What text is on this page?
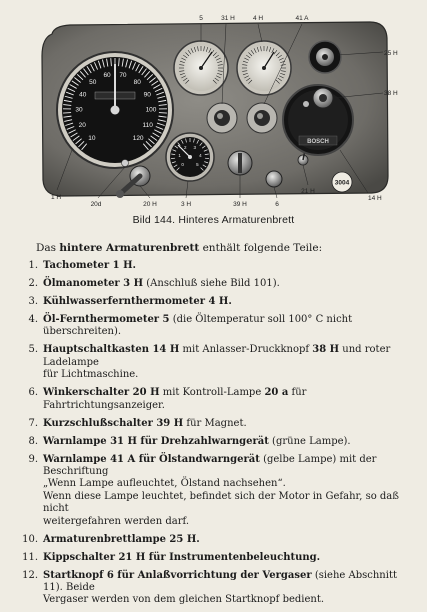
10
20
30
40
50
60 70
80
90
100
110
120
0
1
2 3
4
5
BOSCH
5	31 H	4 H	41 A
25 H
38 H
14 H
21 H
6
39 H
3 H
20 H
20d
1 H
3004
Bild 144. Hinteres Armaturenbrett
Das hintere Armaturenbrett enthält folgende Teile:
1. Tachometer 1 H.
2. Ölmanometer 3 H (Anschluß siehe Bild 101).
3. Kühlwasserfernthermometer 4 H.
4. Öl-Fernthermometer 5 (die Öltemperatur soll 100° C nicht überschreiten).
5. Hauptschaltkasten 14 H mit Anlasser-Druckknopf 38 H und roter Ladelampe
für Lichtmaschine.
6. Winkerschalter 20 H mit Kontroll-Lampe 20 a für Fahrtrichtungsanzeiger.
7. Kurzschlußschalter 39 H für Magnet.
8. Warnlampe 31 H für Drehzahlwarngerät (grüne Lampe).
9. Warnlampe 41 A für Ölstandwarngerät (gelbe Lampe) mit der Beschriftung
„Wenn Lampe aufleuchtet, Ölstand nachsehen“.
Wenn diese Lampe leuchtet, befindet sich der Motor in Gefahr, so daß nicht
weitergefahren werden darf.
10. Armaturenbrettlampe 25 H.
11. Kippschalter 21 H für Instrumentenbeleuchtung.
12. Startknopf 6 für Anlaßvorrichtung der Vergaser (siehe Abschnitt 11). Beide
Vergaser werden von dem gleichen Startknopf bedient.
